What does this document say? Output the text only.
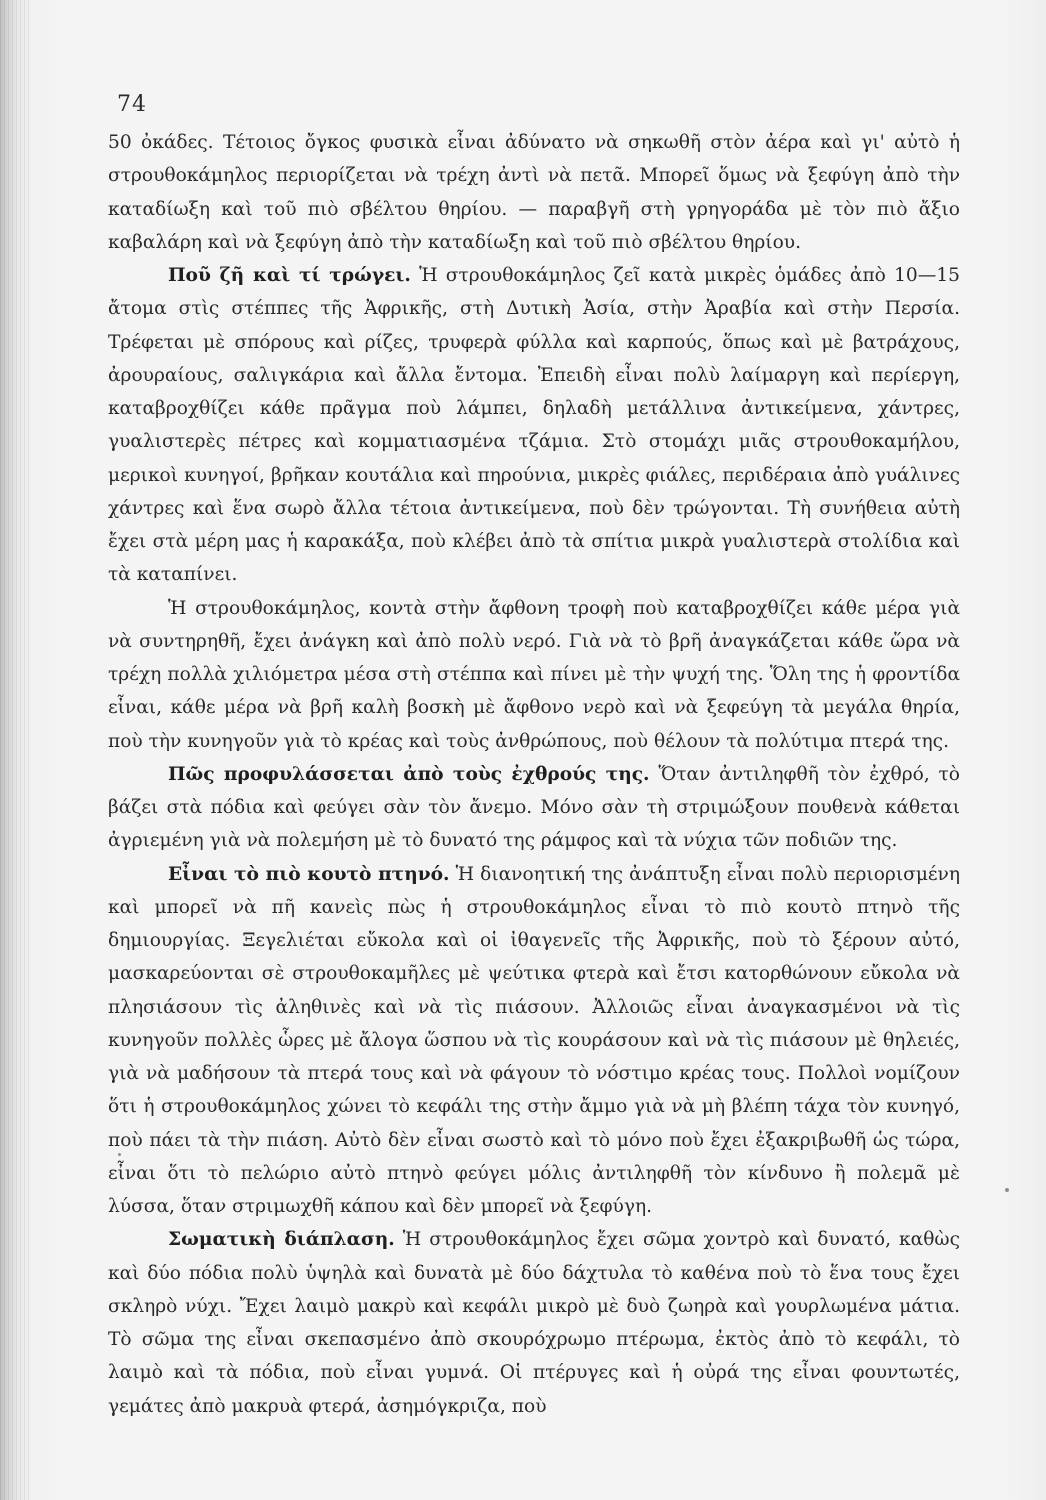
74

50 ὀκάδες. Τέτοιος ὄγκος φυσικὰ εἶναι ἀδύνατο νὰ σηκωθῆ στὸν ἀέρα καὶ γι' αὐτὸ ἡ στρουθοκάμηλος περιορίζεται νὰ τρέχη ἀντὶ νὰ πετᾶ. Μπορεῖ ὅμως νὰ ξεφύγη ἀπὸ τὴν καταδίωξη καὶ τοῦ πιὸ σβέλτου θηρίου. — παραβγῆ στὴ γρηγοράδα μὲ τὸν πιὸ ἄξιο καβαλάρη καὶ νὰ ξεφύγη ἀπὸ τὴν καταδίωξη καὶ τοῦ πιὸ σβέλτου θηρίου.

Ποῦ ζῆ καὶ τί τρώγει. Ἡ στρουθοκάμηλος ζεῖ κατὰ μικρὲς ὁμάδες ἀπὸ 10—15 ἄτομα στὶς στέππες τῆς Ἀφρικῆς, στὴ Δυτικὴ Ἀσία, στὴν Ἀραβία καὶ στὴν Περσία. Τρέφεται μὲ σπόρους καὶ ρίζες, τρυφερὰ φύλλα καὶ καρπούς, ὅπως καὶ μὲ βατράχους, ἀρουραίους, σαλιγκάρια καὶ ἄλλα ἔντομα. Ἐπειδὴ εἶναι πολὺ λαίμαργη καὶ περίεργη, καταβροχθίζει κάθε πρᾶγμα ποὺ λάμπει, δηλαδὴ μετάλλινα ἀντικείμενα, χάντρες, γυαλιστερὲς πέτρες καὶ κομματιασμένα τζάμια. Στὸ στομάχι μιᾶς στρουθοκαμήλου, μερικοὶ κυνηγοί, βρῆκαν κουτάλια καὶ πηρούνια, μικρὲς φιάλες, περιδέραια ἀπὸ γυάλινες χάντρες καὶ ἕνα σωρὸ ἄλλα τέτοια ἀντικείμενα, ποὺ δὲν τρώγονται. Τὴ συνήθεια αὐτὴ ἔχει στὰ μέρη μας ἡ καρακάξα, ποὺ κλέβει ἀπὸ τὰ σπίτια μικρὰ γυαλιστερὰ στολίδια καὶ τὰ καταπίνει.

Ἡ στρουθοκάμηλος, κοντὰ στὴν ἄφθονη τροφὴ ποὺ καταβροχθίζει κάθε μέρα γιὰ νὰ συντηρηθῆ, ἔχει ἀνάγκη καὶ ἀπὸ πολὺ νερό. Γιὰ νὰ τὸ βρῆ ἀναγκάζεται κάθε ὥρα νὰ τρέχη πολλὰ χιλιόμετρα μέσα στὴ στέππα καὶ πίνει μὲ τὴν ψυχή της. Ὅλη της ἡ φροντίδα εἶναι, κάθε μέρα νὰ βρῆ καλὴ βοσκὴ μὲ ἄφθονο νερὸ καὶ νὰ ξεφεύγη τὰ μεγάλα θηρία, ποὺ τὴν κυνηγοῦν γιὰ τὸ κρέας καὶ τοὺς ἀνθρώπους, ποὺ θέλουν τὰ πολύτιμα πτερά της.

Πῶς προφυλάσσεται ἀπὸ τοὺς ἐχθρούς της. Ὅταν ἀντιληφθῆ τὸν ἐχθρό, τὸ βάζει στὰ πόδια καὶ φεύγει σὰν τὸν ἄνεμο. Μόνο σὰν τὴ στριμώξουν πουθενὰ κάθεται ἀγριεμένη γιὰ νὰ πολεμήση μὲ τὸ δυνατό της ράμφος καὶ τὰ νύχια τῶν ποδιῶν της.

Εἶναι τὸ πιὸ κουτὸ πτηνό. Ἡ διανοητική της ἀνάπτυξη εἶναι πολὺ περιορισμένη καὶ μπορεῖ νὰ πῆ κανεὶς πὼς ἡ στρουθοκάμηλος εἶναι τὸ πιὸ κουτὸ πτηνὸ τῆς δημιουργίας. Ξεγελιέται εὔκολα καὶ οἱ ἰθαγενεῖς τῆς Ἀφρικῆς, ποὺ τὸ ξέρουν αὐτό, μασκαρεύονται σὲ στρουθοκαμῆλες μὲ ψεύτικα φτερὰ καὶ ἔτσι κατορθώνουν εὔκολα νὰ πλησιάσουν τὶς ἀληθινὲς καὶ νὰ τὶς πιάσουν. Ἀλλοιῶς εἶναι ἀναγκασμένοι νὰ τὶς κυνηγοῦν πολλὲς ὧρες μὲ ἄλογα ὥσπου νὰ τὶς κουράσουν καὶ νὰ τὶς πιάσουν μὲ θηλειές, γιὰ νὰ μαδήσουν τὰ πτερά τους καὶ νὰ φάγουν τὸ νόστιμο κρέας τους. Πολλοὶ νομίζουν ὅτι ἡ στρουθοκάμηλος χώνει τὸ κεφάλι της στὴν ἄμμο γιὰ νὰ μὴ βλέπη τάχα τὸν κυνηγό, ποὺ πάει τὰ τὴν πιάση. Αὐτὸ δὲν εἶναι σωστὸ καὶ τὸ μόνο ποὺ ἔχει ἐξακριβωθῆ ὡς τώρα, εἶναι ὅτι τὸ πελώριο αὐτὸ πτηνὸ φεύγει μόλις ἀντιληφθῆ τὸν κίνδυνο ἢ πολεμᾶ μὲ λύσσα, ὅταν στριμωχθῆ κάπου καὶ δὲν μπορεῖ νὰ ξεφύγη.

Σωματικὴ διάπλαση. Ἡ στρουθοκάμηλος ἔχει σῶμα χοντρὸ καὶ δυνατό, καθὼς καὶ δύο πόδια πολὺ ὑψηλὰ καὶ δυνατὰ μὲ δύο δάχτυλα τὸ καθένα ποὺ τὸ ἕνα τους ἔχει σκληρὸ νύχι. Ἔχει λαιμὸ μακρὺ καὶ κεφάλι μικρὸ μὲ δυὸ ζωηρὰ καὶ γουρλωμένα μάτια. Τὸ σῶμα της εἶναι σκεπασμένο ἀπὸ σκουρόχρωμο πτέρωμα, ἐκτὸς ἀπὸ τὸ κεφάλι, τὸ λαιμὸ καὶ τὰ πόδια, ποὺ εἶναι γυμνά. Οἱ πτέρυγες καὶ ἡ οὐρά της εἶναι φουντωτές, γεμάτες ἀπὸ μακρυὰ φτερά, ἀσημόγκριζα, ποὺ
